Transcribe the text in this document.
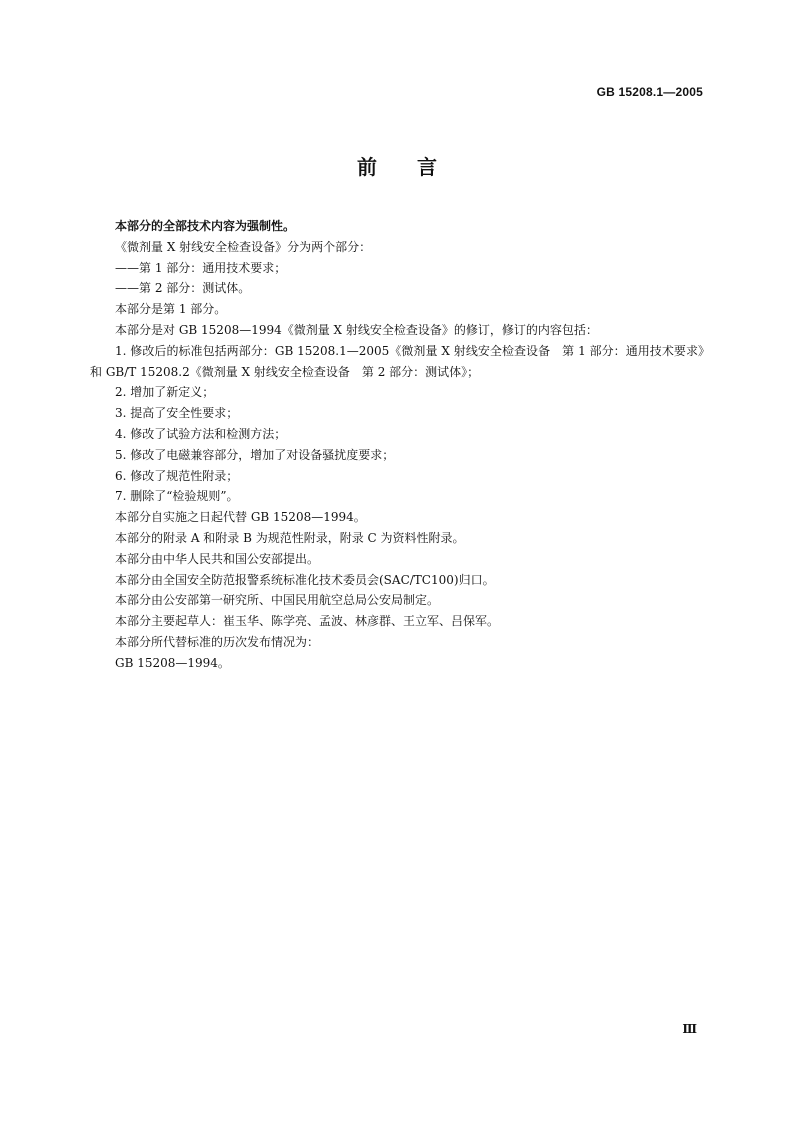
GB 15208.1—2005
前言

本部分的全部技术内容为强制性。

《微剂量 X 射线安全检查设备》分为两个部分：

——第 1 部分：通用技术要求；

——第 2 部分：测试体。

本部分是第 1 部分。

本部分是对 GB 15208—1994《微剂量 X 射线安全检查设备》的修订，修订的内容包括：

1. 修改后的标准包括两部分：GB 15208.1—2005《微剂量 X 射线安全检查设备　第 1 部分：通用技术要求》和 GB/T 15208.2《微剂量 X 射线安全检查设备　第 2 部分：测试体》；

2. 增加了新定义；

3. 提高了安全性要求；

4. 修改了试验方法和检测方法；

5. 修改了电磁兼容部分，增加了对设备骚扰度要求；

6. 修改了规范性附录；

7. 删除了“检验规则”。

本部分自实施之日起代替 GB 15208—1994。

本部分的附录 A 和附录 B 为规范性附录，附录 C 为资料性附录。

本部分由中华人民共和国公安部提出。

本部分由全国安全防范报警系统标准化技术委员会(SAC/TC100)归口。

本部分由公安部第一研究所、中国民用航空总局公安局制定。

本部分主要起草人：崔玉华、陈学亮、孟波、林彦群、王立军、吕保军。

本部分所代替标准的历次发布情况为：

GB 15208—1994。

Ⅲ
